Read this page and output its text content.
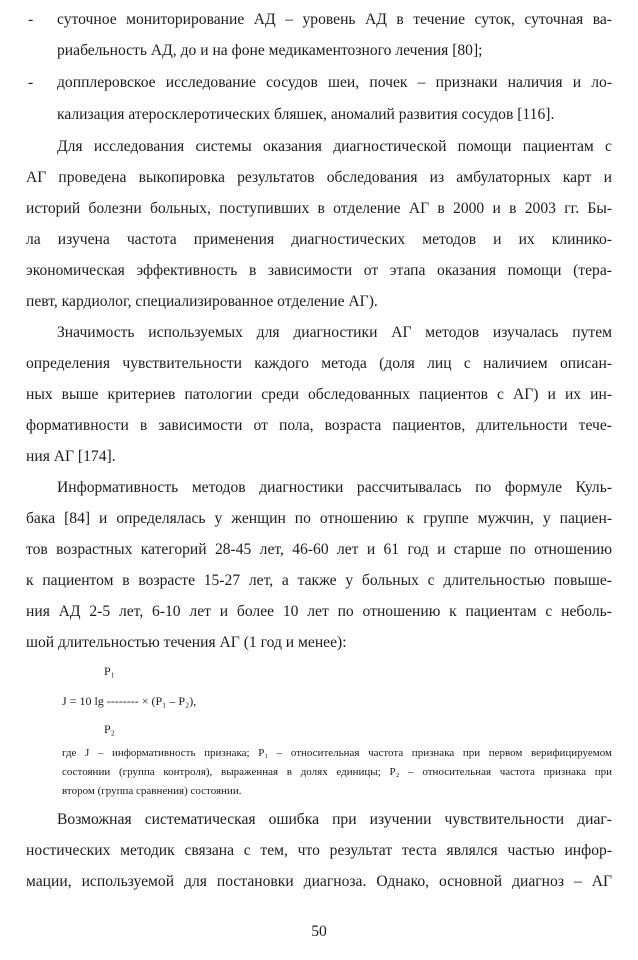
- суточное мониторирование АД – уровень АД в течение суток, суточная ва-
риабельность АД, до и на фоне медикаментозного лечения [80];
- допплеровское исследование сосудов шеи, почек – признаки наличия и ло-
кализация атеросклеротических бляшек, аномалий развития сосудов [116].
Для исследования системы оказания диагностической помощи пациентам с
АГ проведена выкопировка результатов обследования из амбулаторных карт и
историй болезни больных, поступивших в отделение АГ в 2000 и в 2003 гг. Бы-
ла изучена частота применения диагностических методов и их клинико-
экономическая эффективность в зависимости от этапа оказания помощи (тера-
певт, кардиолог, специализированное отделение АГ).
Значимость используемых для диагностики АГ методов изучалась путем
определения чувствительности каждого метода (доля лиц с наличием описан-
ных выше критериев патологии среди обследованных пациентов с АГ) и их ин-
формативности в зависимости от пола, возраста пациентов, длительности тече-
ния АГ [174].
Информативность методов диагностики рассчитывалась по формуле Куль-
бака [84] и определялась у женщин по отношению к группе мужчин, у пациен-
тов возрастных категорий 28-45 лет, 46-60 лет и 61 год и старше по отношению
к пациентом в возрасте 15-27 лет, а также у больных с длительностью повыше-
ния АД 2-5 лет, 6-10 лет и более 10 лет по отношению к пациентам с неболь-
шой длительностью течения АГ (1 год и менее):
P₁
J = 10 lg -------- × (P₁ – P₂),
P₂
где J – информативность признака; P₁ – относительная частота признака при первом верифицируемом
состоянии (группа контроля), выраженная в долях единицы; P₂ – относительная частота признака при
втором (группа сравнения) состоянии.
Возможная систематическая ошибка при изучении чувствительности диаг-
ностических методик связана с тем, что результат теста являлся частью инфор-
мации, используемой для постановки диагноза. Однако, основной диагноз – АГ
50
